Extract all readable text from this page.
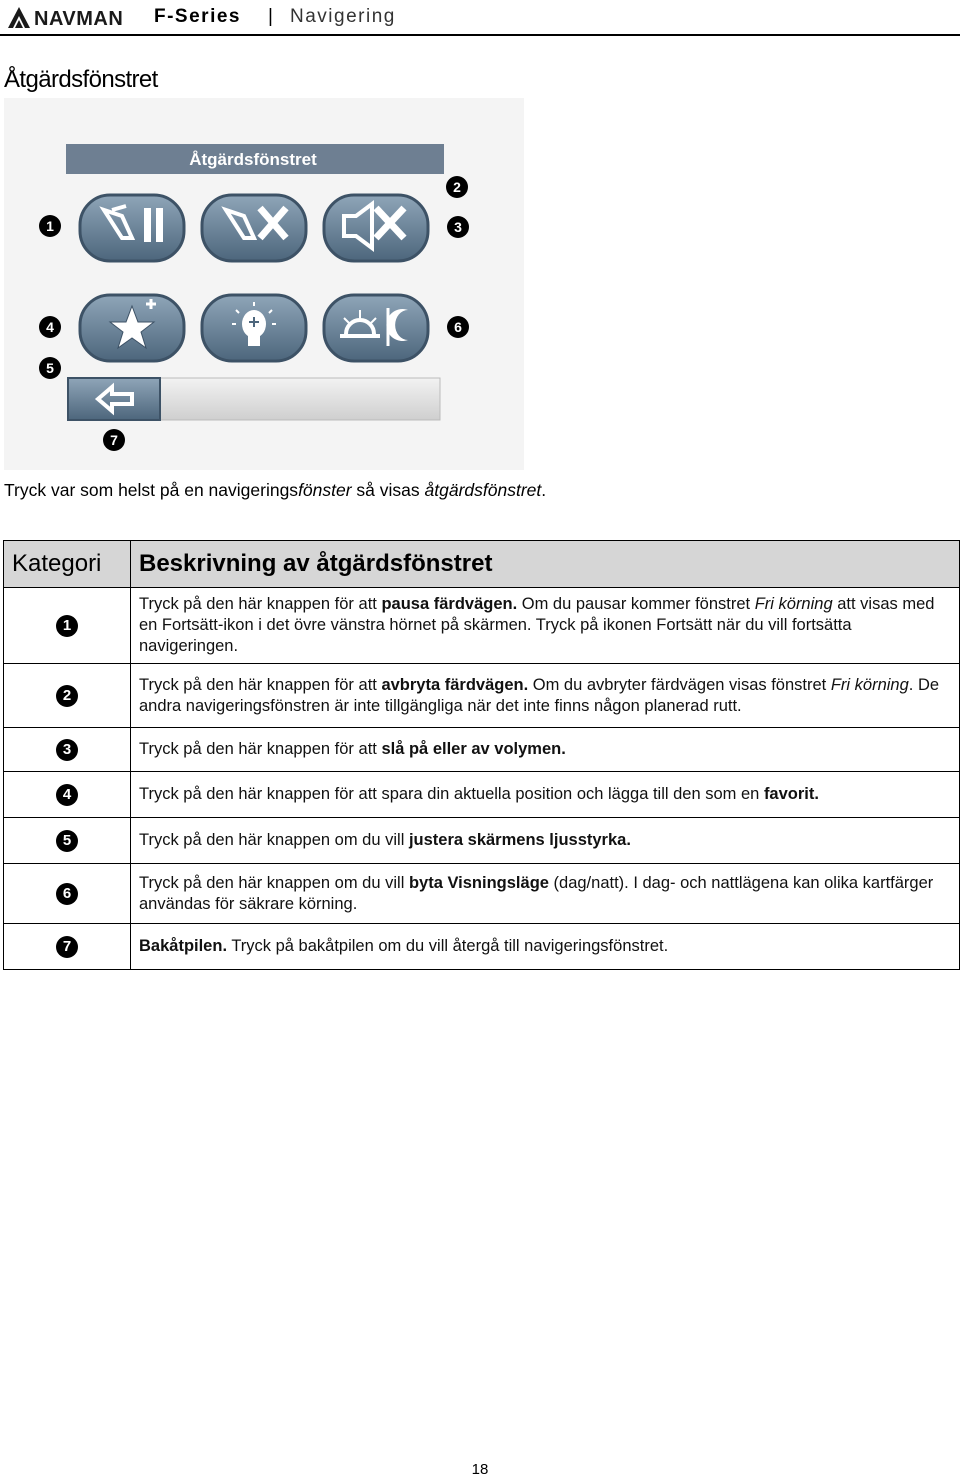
NAVMAN F-Series | Navigering
Åtgärdsfönstret
Åtgärdsfönstret
1
2
3
4
5
6
7
Tryck var som helst på en navigeringsfönster så visas åtgärdsfönstret.
Kategori	Beskrivning av åtgärdsfönstret
1	Tryck på den här knappen för att pausa färdvägen. Om du pausar kommer fönstret Fri körning att visas med en Fortsätt-ikon i det övre vänstra hörnet på skärmen. Tryck på ikonen Fortsätt när du vill fortsätta navigeringen.
2	Tryck på den här knappen för att avbryta färdvägen. Om du avbryter färdvägen visas fönstret Fri körning. De andra navigeringsfönstren är inte tillgängliga när det inte finns någon planerad rutt.
3	Tryck på den här knappen för att slå på eller av volymen.
4	Tryck på den här knappen för att spara din aktuella position och lägga till den som en favorit.
5	Tryck på den här knappen om du vill justera skärmens ljusstyrka.
6	Tryck på den här knappen om du vill byta Visningsläge (dag/natt). I dag- och nattlägena kan olika kartfärger användas för säkrare körning.
7	Bakåtpilen. Tryck på bakåtpilen om du vill återgå till navigeringsfönstret.
18
